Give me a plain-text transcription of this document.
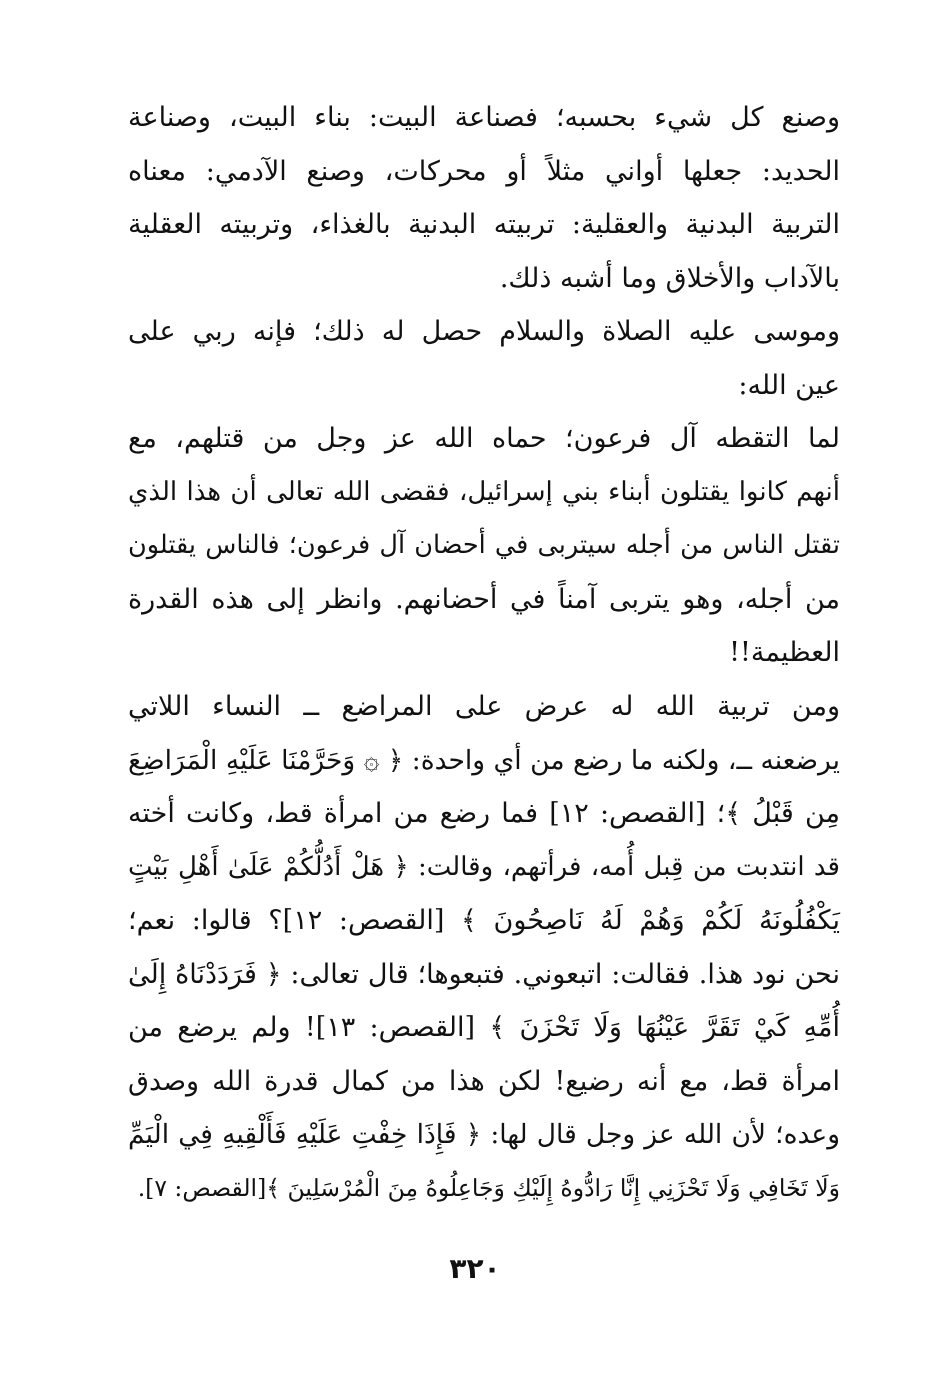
وصنع كل شيء بحسبه؛ فصناعة البيت: بناء البيت، وصناعة
الحديد: جعلها أواني مثلاً أو محركات، وصنع الآدمي: معناه
التربية البدنية والعقلية: تربيته البدنية بالغذاء، وتربيته العقلية
بالآداب والأخلاق وما أشبه ذلك.
وموسى عليه الصلاة والسلام حصل له ذلك؛ فإنه ربي على
عين الله:
لما التقطه آل فرعون؛ حماه الله عز وجل من قتلهم، مع
أنهم كانوا يقتلون أبناء بني إسرائيل، فقضى الله تعالى أن هذا الذي
تقتل الناس من أجله سيتربى في أحضان آل فرعون؛ فالناس يقتلون
من أجله، وهو يتربى آمناً في أحضانهم. وانظر إلى هذه القدرة
العظيمة!!
ومن تربية الله له عرض على المراضع ــ النساء اللاتي
يرضعنه ــ، ولكنه ما رضع من أي واحدة: ﴿ ۞ وَحَرَّمْنَا عَلَيْهِ الْمَرَاضِعَ
مِن قَبْلُ ﴾؛ [القصص: ١٢] فما رضع من امرأة قط، وكانت أخته
قد انتدبت من قِبل أُمه، فرأتهم، وقالت: ﴿ هَلْ أَدُلُّكُمْ عَلَىٰ أَهْلِ بَيْتٍ
يَكْفُلُونَهُ لَكُمْ وَهُمْ لَهُ نَاصِحُونَ ﴾ [القصص: ١٢]؟ قالوا: نعم؛
نحن نود هذا. فقالت: اتبعوني. فتبعوها؛ قال تعالى: ﴿ فَرَدَدْنَاهُ إِلَىٰ
أُمِّهِ كَيْ تَقَرَّ عَيْنُهَا وَلَا تَحْزَنَ ﴾ [القصص: ١٣]! ولم يرضع من
امرأة قط، مع أنه رضيع! لكن هذا من كمال قدرة الله وصدق
وعده؛ لأن الله عز وجل قال لها: ﴿ فَإِذَا خِفْتِ عَلَيْهِ فَأَلْقِيهِ فِي الْيَمِّ
وَلَا تَخَافِي وَلَا تَحْزَنِي إِنَّا رَادُّوهُ إِلَيْكِ وَجَاعِلُوهُ مِنَ الْمُرْسَلِينَ ﴾[القصص: ٧].
٣٢٠
